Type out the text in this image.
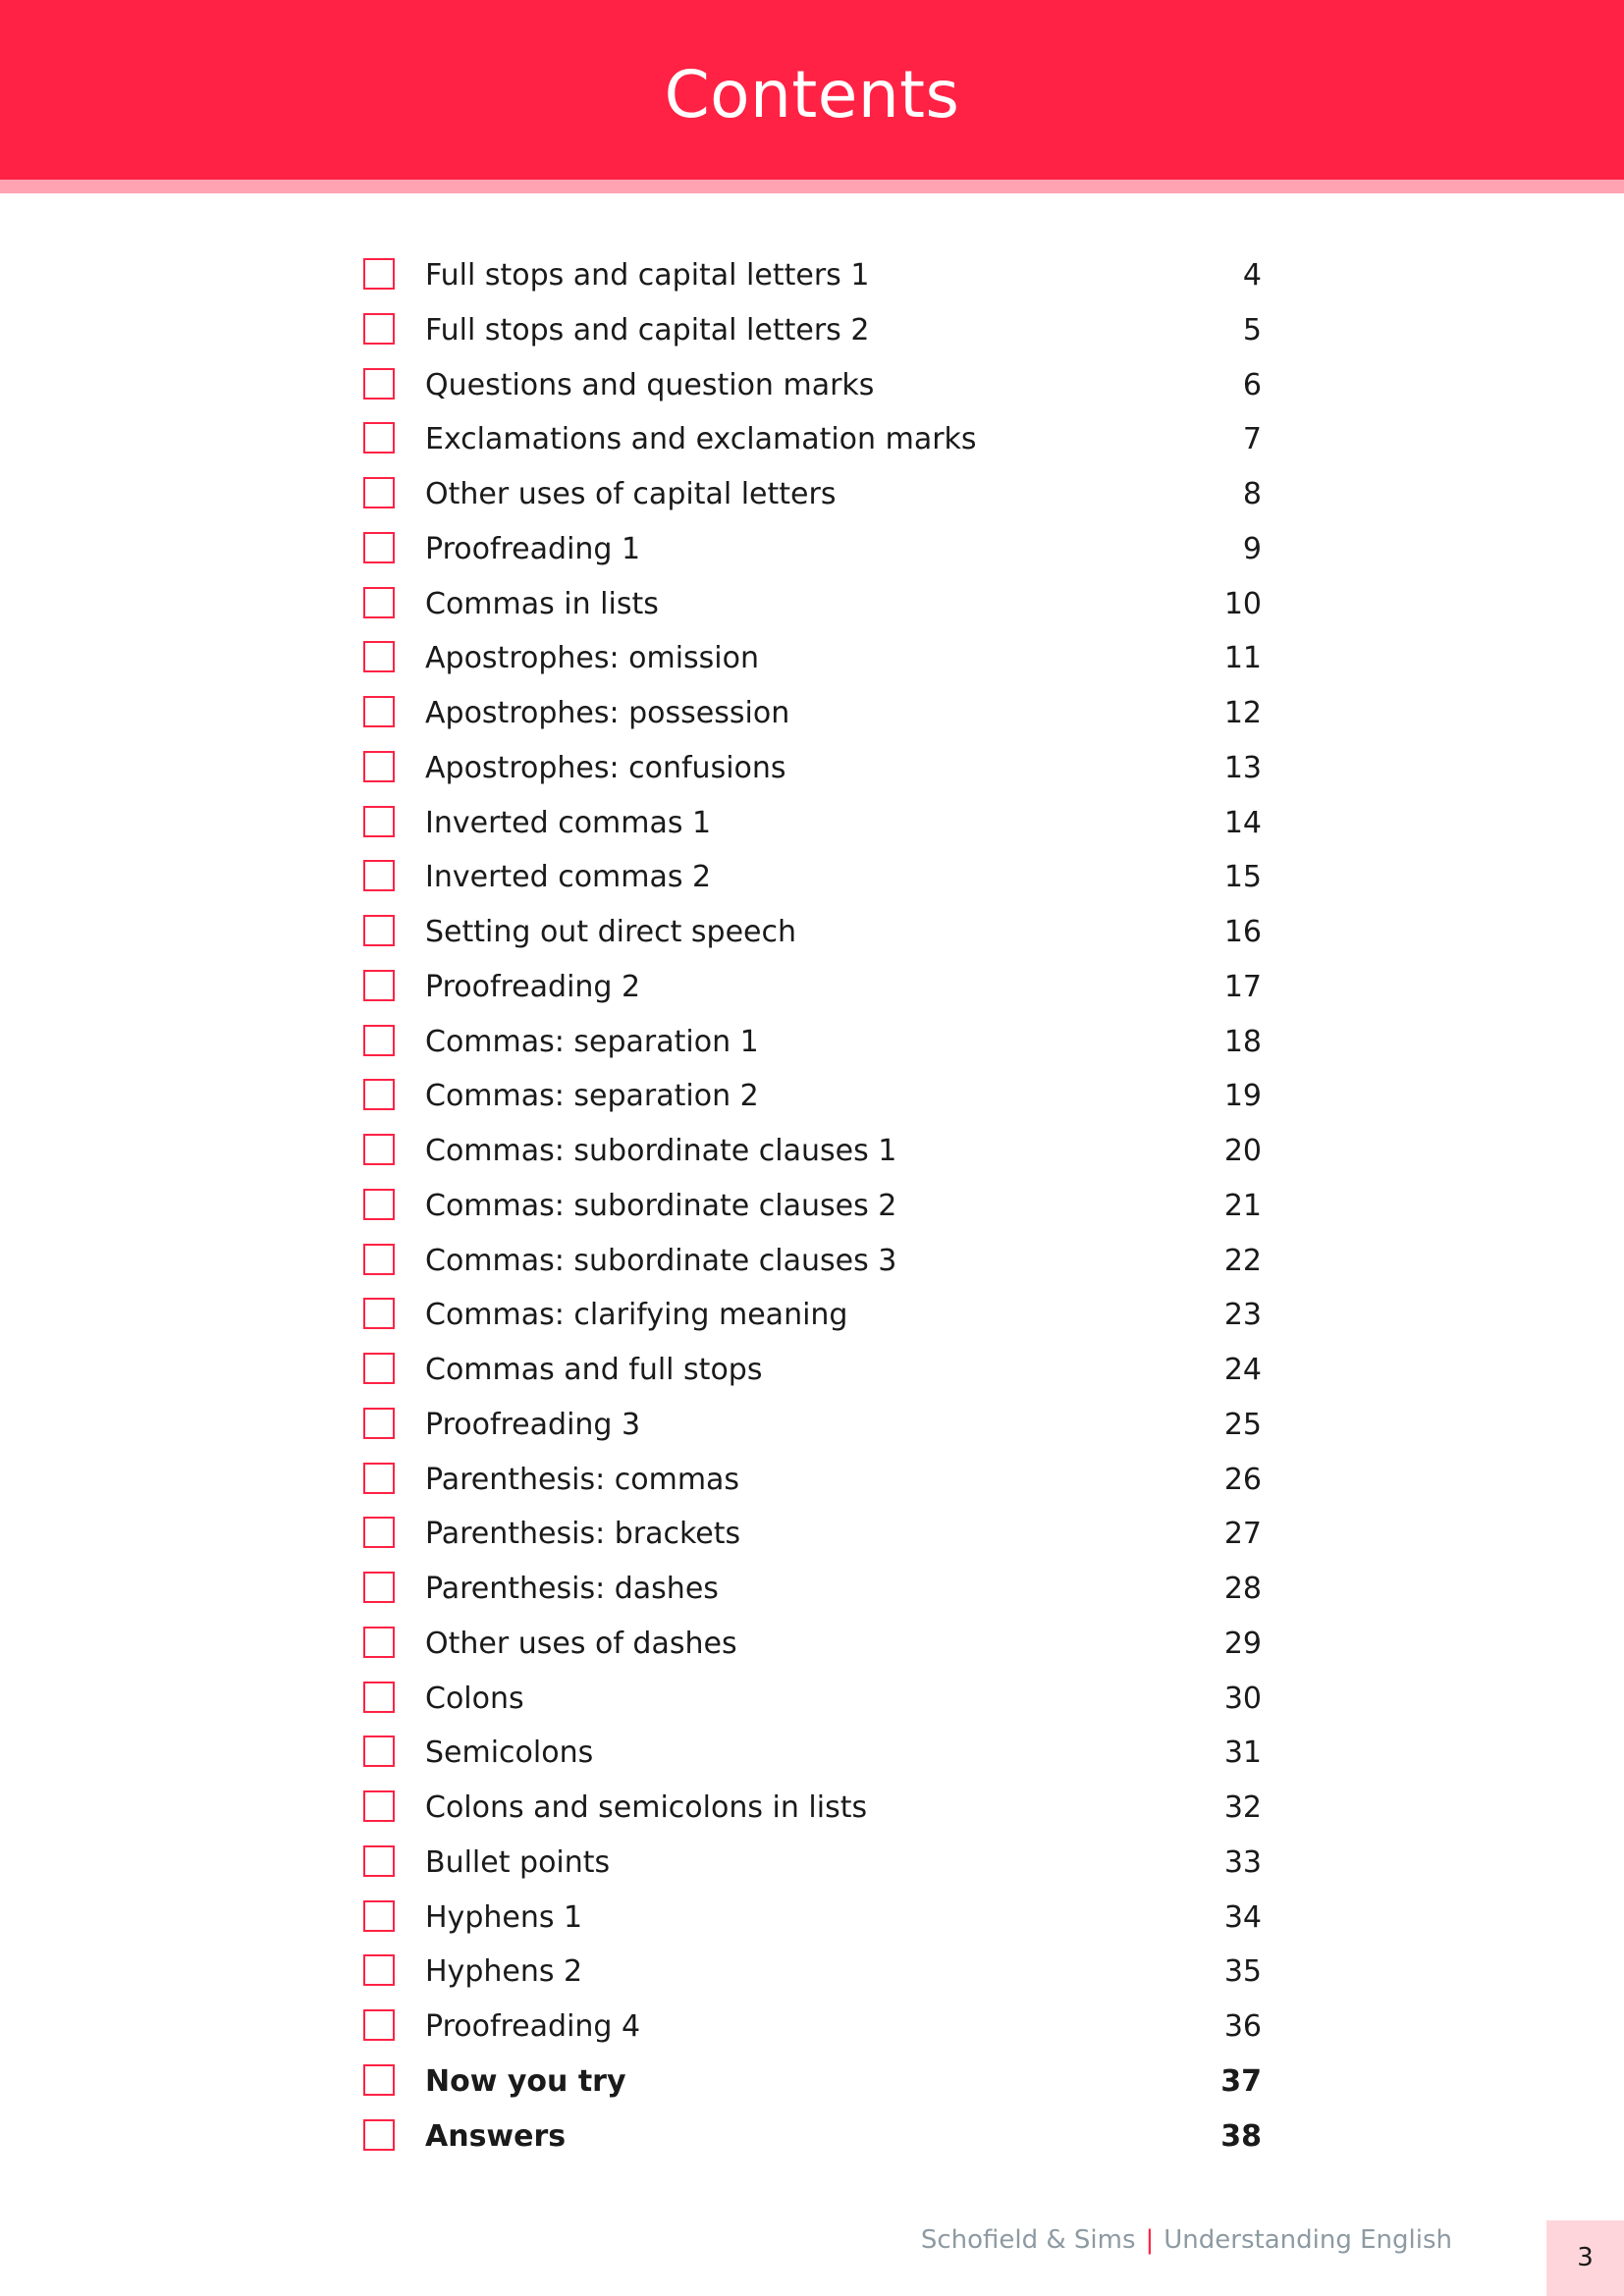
Contents
Full stops and capital letters 1	4
Full stops and capital letters 2	5
Questions and question marks	6
Exclamations and exclamation marks	7
Other uses of capital letters	8
Proofreading 1	9
Commas in lists	10
Apostrophes: omission	11
Apostrophes: possession	12
Apostrophes: confusions	13
Inverted commas 1	14
Inverted commas 2	15
Setting out direct speech	16
Proofreading 2	17
Commas: separation 1	18
Commas: separation 2	19
Commas: subordinate clauses 1	20
Commas: subordinate clauses 2	21
Commas: subordinate clauses 3	22
Commas: clarifying meaning	23
Commas and full stops	24
Proofreading 3	25
Parenthesis: commas	26
Parenthesis: brackets	27
Parenthesis: dashes	28
Other uses of dashes	29
Colons	30
Semicolons	31
Colons and semicolons in lists	32
Bullet points	33
Hyphens 1	34
Hyphens 2	35
Proofreading 4	36
Now you try	37
Answers	38
Schofield & Sims | Understanding English
3
